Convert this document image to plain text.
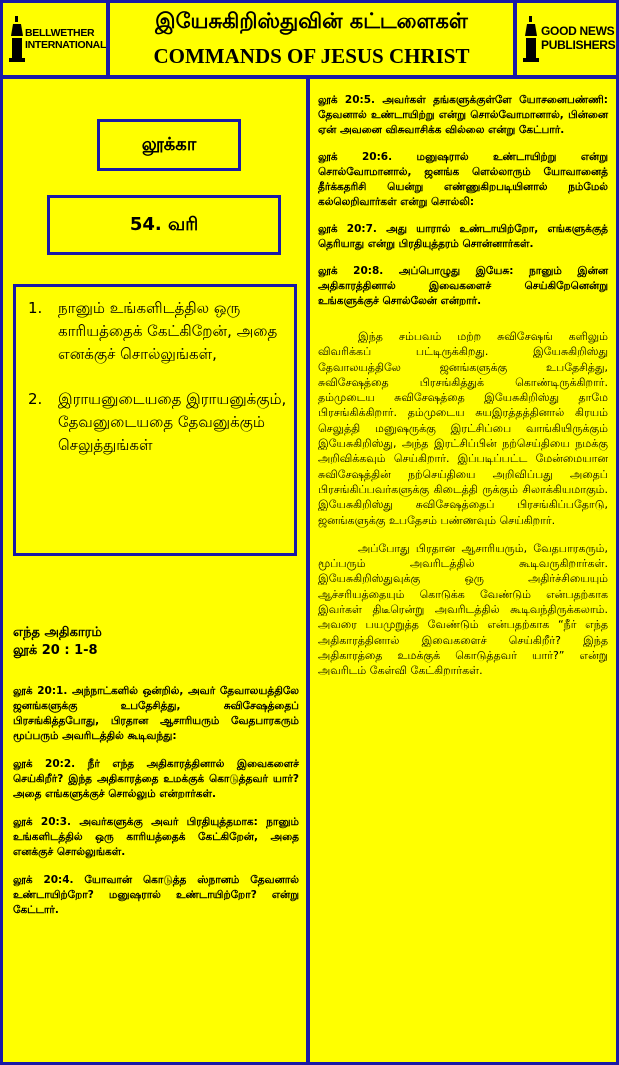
BELLWETHER
INTERNATIONAL
இயேசுகிறிஸ்துவின் கட்டளைகள்
COMMANDS OF JESUS CHRIST
GOOD NEWS
PUBLISHERS
லூக்கா
54. வரி
1. நானும் உங்களிடத்தில ஒரு காரியத்தைக் கேட்கிறேன், அதை எனக்குச் சொல்லுங்கள்,
2. இராயனுடையதை இராயனுக்கும், தேவனுடையதை தேவனுக்கும் செலுத்துங்கள்
எந்த அதிகாரம்
லூக் 20 : 1-8
லூக் 20:1. அந்நாட்களில் ஒன்றில், அவர் தேவாலயத்திலே ஜனங்களுக்கு உபதேசித்து, சுவிசேஷத்தைப் பிரசங்கித்தபோது, பிரதான ஆசாரியரும் வேதபாரகரும் மூப்பரும் அவரிடத்தில் கூடிவந்து:
லூக் 20:2. நீர் எந்த அதிகாரத்தினால் இவைகளைச் செய்கிறீர்? இந்த அதிகாரத்தை உமக்குக் கொடுத்தவர் யார்? அதை எங்களுக்குச் சொல்லும் என்றார்கள்.
லூக் 20:3. அவர்களுக்கு அவர் பிரதியுத்தமாக: நானும் உங்களிடத்தில் ஒரு காரியத்தைக் கேட்கிறேன், அதை எனக்குச் சொல்லுங்கள்.
லூக் 20:4. யோவான் கொடுத்த ஸ்நானம் தேவனால் உண்டாயிற்றோ? மனுஷரால் உண்டாயிற்றோ? என்று கேட்டார்.
லூக் 20:5. அவர்கள் தங்களுக்குள்ளே யோசனைபண்ணி: தேவனால் உண்டாயிற்று என்று சொல்வோமானால், பின்னை ஏன் அவனை விசுவாசிக்க வில்லை என்று கேட்பார்.
லூக் 20:6. மனுஷரால் உண்டாயிற்று என்று சொல்வோமானால், ஜனங்க ளெல்லாரும் யோவானைத் தீர்க்கதரிசி யென்று எண்ணுகிறபடியினால் நம்மேல் கல்லெறிவார்கள் என்று சொல்லி:
லூக் 20:7. அது யாரால் உண்டாயிற்றோ, எங்களுக்குத் தெரியாது என்று பிரதியுத்தரம் சொன்னார்கள்.
லூக் 20:8. அப்பொழுது இயேசு: நானும் இன்ன அதிகாரத்தினால் இவைகளைச் செய்கிறேனென்று உங்களுக்குச் சொல்லேன் என்றார்.
இந்த சம்பவம் மற்ற சுவிசேஷங் களிலும் விவரிக்கப் பட்டிருக்கிறது. இயேசுகிறிஸ்து தேவாலயத்திலே ஜனங்களுக்கு உபதேசித்து, சுவிசேஷத்தை பிரசங்கித்துக் கொண்டிருக்கிறார். தம்முடைய சுவிசேஷத்தை இயேசுகிறிஸ்து தாமே பிரசங்கிக்கிறார். தம்முடைய சுயஇரத்தத்தினால் கிரயம் செலுத்தி மனுஷருக்கு இரட்சிப்பை வாங்கியிருக்கும் இயேசுகிறிஸ்து, அந்த இரட்சிப்பின் நற்செய்தியை நமக்கு அறிவிக்கவும் செய்கிறார். இப்படிப்பட்ட மேன்மையான சுவிசேஷத்தின் நற்செய்தியை அறிவிப்பது அதைப் பிரசங்கிப்பவர்களுக்கு கிடைத்தி ருக்கும் சிலாக்கியமாகும். இயேசுகிறிஸ்து சுவிசேஷத்தைப் பிரசங்கிப்பதோடு, ஜனங்களுக்கு உபதேசம் பண்ணவும் செய்கிறார்.
அப்போது பிரதான ஆசாரியரும், வேதபாரகரும், மூப்பரும் அவரிடத்தில் கூடிவருகிறார்கள். இயேசுகிறிஸ்துவுக்கு ஒரு அதிர்ச்சியையும் ஆச்சரியத்தையும் கொடுக்க வேண்டும் என்பதற்காக இவர்கள் திடீரென்று அவரிடத்தில் கூடிவந்திருக்கலாம். அவரை பயமுறுத்த வேண்டும் என்பதற்காக “நீர் எந்த அதிகாரத்தினால் இவைகளைச் செய்கிறீர்? இந்த அதிகாரத்தை உமக்குக் கொடுத்தவர் யார்?” என்று அவரிடம் கேள்வி கேட்கிறார்கள்.
